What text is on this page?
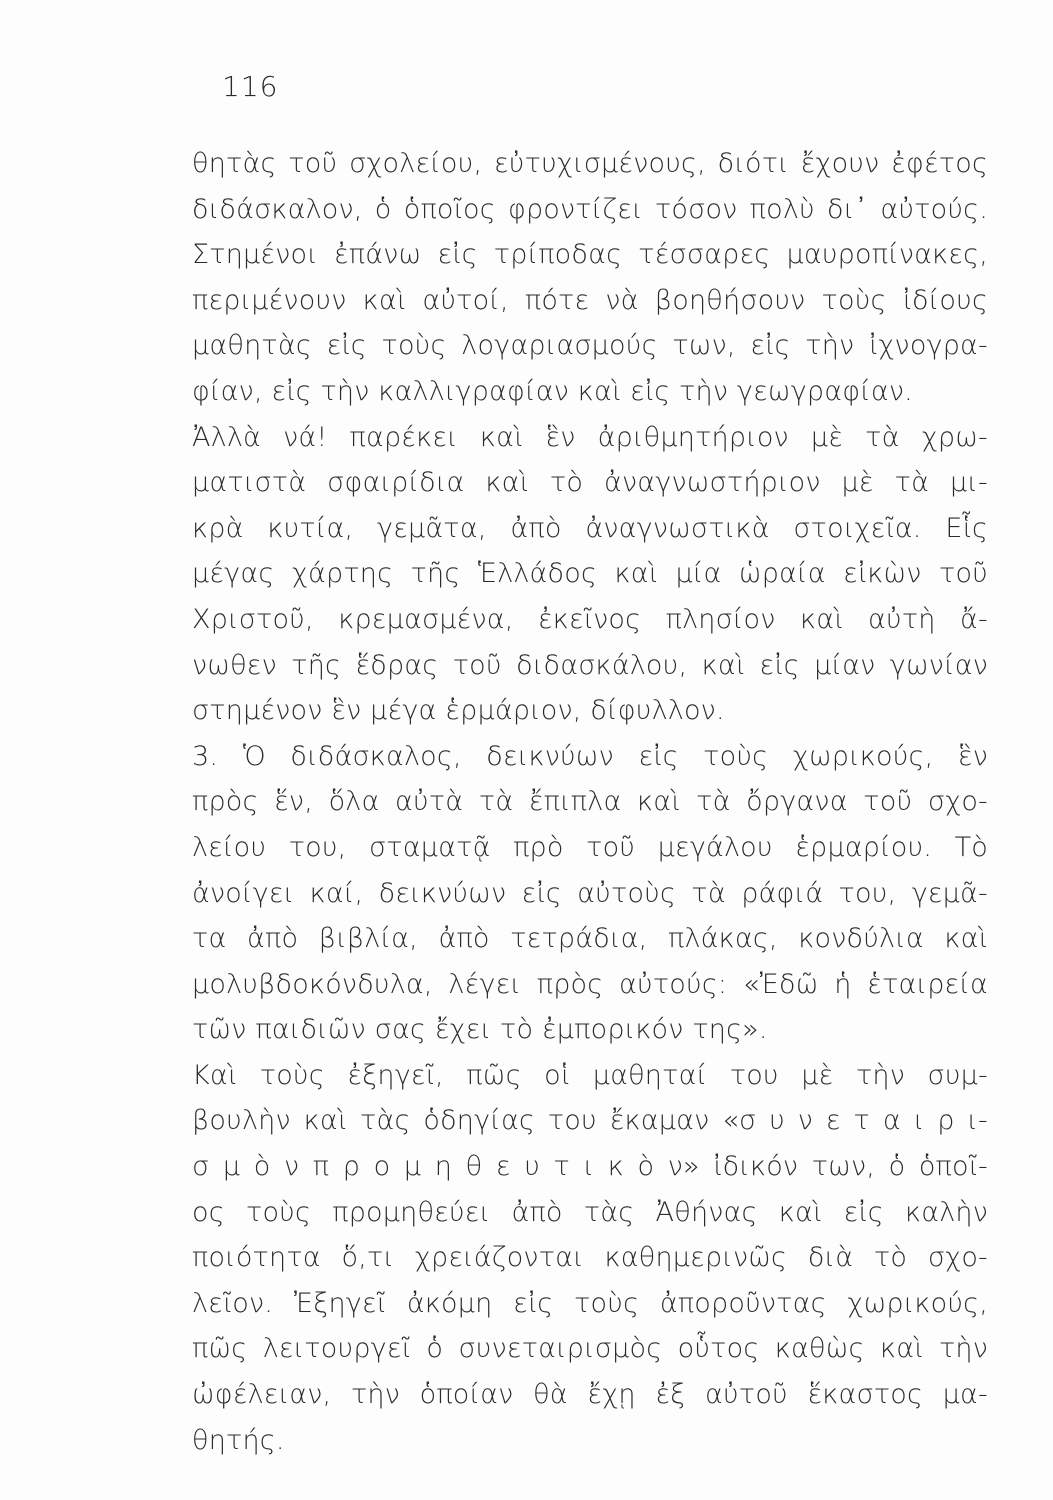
116
θητὰς τοῦ σχολείου, εὐτυχισμένους, διότι ἔχουν ἐφέτος
διδάσκαλον, ὁ ὁποῖος φροντίζει τόσον πολὺ δι᾽ αὐτούς.
Στημένοι ἐπάνω εἰς τρίποδας τέσσαρες μαυροπίνακες,
περιμένουν καὶ αὐτοί, πότε νὰ βοηθήσουν τοὺς ἰδίους
μαθητὰς εἰς τοὺς λογαριασμούς των, εἰς τὴν ἰχνογρα-
φίαν, εἰς τὴν καλλιγραφίαν καὶ εἰς τὴν γεωγραφίαν.
Ἀλλὰ νά! παρέκει καὶ ἓν ἀριθμητήριον μὲ τὰ χρω-
ματιστὰ σφαιρίδια καὶ τὸ ἀναγνωστήριον μὲ τὰ μι-
κρὰ κυτία, γεμᾶτα, ἀπὸ ἀναγνωστικὰ στοιχεῖα. Εἷς
μέγας χάρτης τῆς Ἑλλάδος καὶ μία ὡραία εἰκὼν τοῦ
Χριστοῦ, κρεμασμένα, ἐκεῖνος πλησίον καὶ αὐτὴ ἄ-
νωθεν τῆς ἕδρας τοῦ διδασκάλου, καὶ εἰς μίαν γωνίαν
στημένον ἓν μέγα ἑρμάριον, δίφυλλον.
3. Ὁ διδάσκαλος, δεικνύων εἰς τοὺς χωρικούς, ἓν
πρὸς ἕν, ὅλα αὐτὰ τὰ ἔπιπλα καὶ τὰ ὄργανα τοῦ σχο-
λείου του, σταματᾷ πρὸ τοῦ μεγάλου ἑρμαρίου. Τὸ
ἀνοίγει καί, δεικνύων εἰς αὐτοὺς τὰ ράφιά του, γεμᾶ-
τα ἀπὸ βιβλία, ἀπὸ τετράδια, πλάκας, κονδύλια καὶ
μολυβδοκόνδυλα, λέγει πρὸς αὐτούς: «Ἐδῶ ἡ ἑταιρεία
τῶν παιδιῶν σας ἔχει τὸ ἐμπορικόν της».
Καὶ τοὺς ἐξηγεῖ, πῶς οἱ μαθηταί του μὲ τὴν συμ-
βουλὴν καὶ τὰς ὁδηγίας του ἔκαμαν «σ υ ν ε τ α ι ρ ι-
σ μ ὸ ν π ρ ο μ η θ ε υ τ ι κ ὸ ν» ἰδικόν των, ὁ ὁποῖ-
ος τοὺς προμηθεύει ἀπὸ τὰς Ἀθήνας καὶ εἰς καλὴν
ποιότητα ὅ,τι χρειάζονται καθημερινῶς διὰ τὸ σχο-
λεῖον. Ἐξηγεῖ ἀκόμη εἰς τοὺς ἀποροῦντας χωρικούς,
πῶς λειτουργεῖ ὁ συνεταιρισμὸς οὗτος καθὼς καὶ τὴν
ὠφέλειαν, τὴν ὁποίαν θὰ ἔχῃ ἐξ αὐτοῦ ἕκαστος μα-
θητής.
